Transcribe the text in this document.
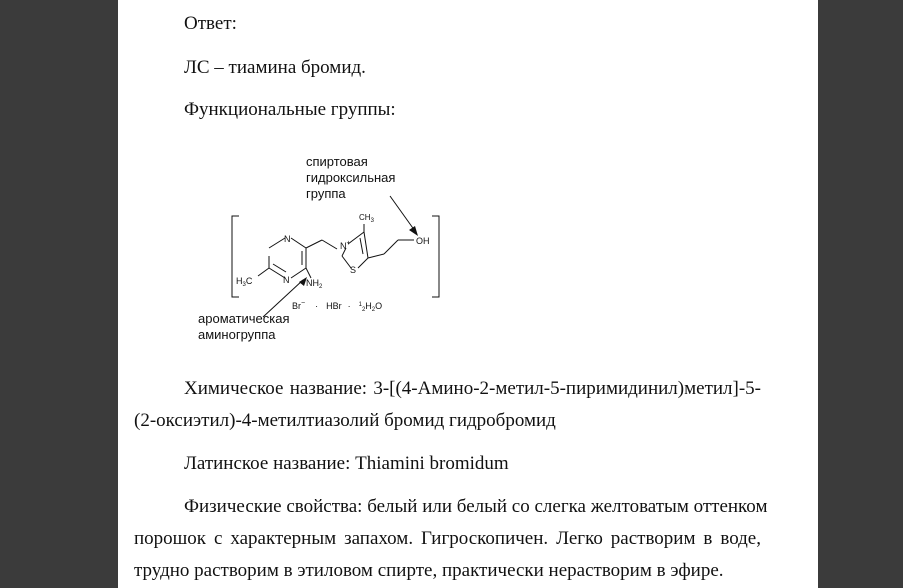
Ответ:

ЛС – тиамина бромид.

Функциональные группы:

спиртовая
гидроксильная
группа

ароматическая
аминогруппа

N
N
S
OH
$CH_3$
$H_3C$	$NH_2$
N+
Br− · HBr · $^1_2H_2O$

Химическое название: 3-[(4-Амино-2-метил-5-пиримидинил)метил]-5-

(2-оксиэтил)-4-метилтиазолий бромид гидробромид

Латинское название: Thiamini bromidum

Физические свойства: белый или белый со слегка желтоватым оттенком

порошок с характерным запахом. Гигроскопичен. Легко растворим в воде,

трудно растворим в этиловом спирте, практически нерастворим в эфире.
